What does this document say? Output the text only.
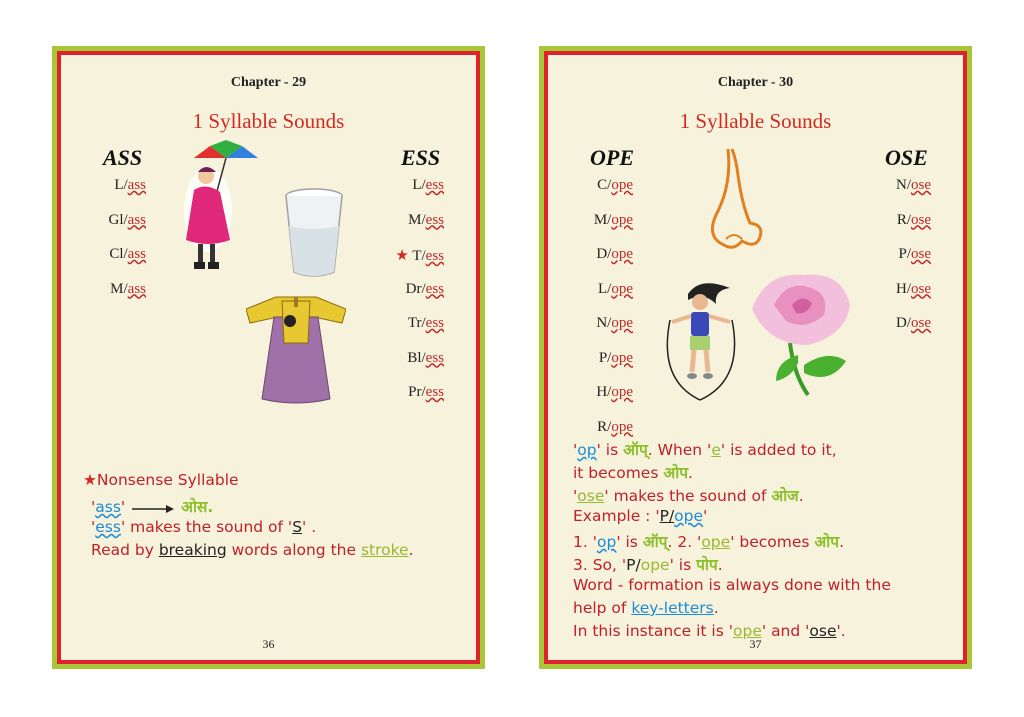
Chapter - 29
1 Syllable Sounds
ASS	ESS
L/ass
Gl/ass
Cl/ass
M/ass
L/ess
M/ess
★ T/ess
Dr/ess
Tr/ess
Bl/ess
Pr/ess
★Nonsense Syllable
'ass'	ओस.
'ess' makes the sound of 'S' .
Read by breaking words along the stroke.
36
Chapter - 30
1 Syllable Sounds
OPE	OSE
C/ope
M/ope
D/ope
L/ope
N/ope
P/ope
H/ope
R/ope
N/ose
R/ose
P/ose
H/ose
D/ose
'op' is ऑप्. When 'e' is added to it,
it becomes ओप.
'ose' makes the sound of ओज.
Example : 'P/ope'
1. 'op' is ऑप्. 2. 'ope' becomes ओप.
3. So, 'P/ope' is पोप.
Word - formation is always done with the
help of key-letters.
In this instance it is 'ope' and 'ose'.
37
